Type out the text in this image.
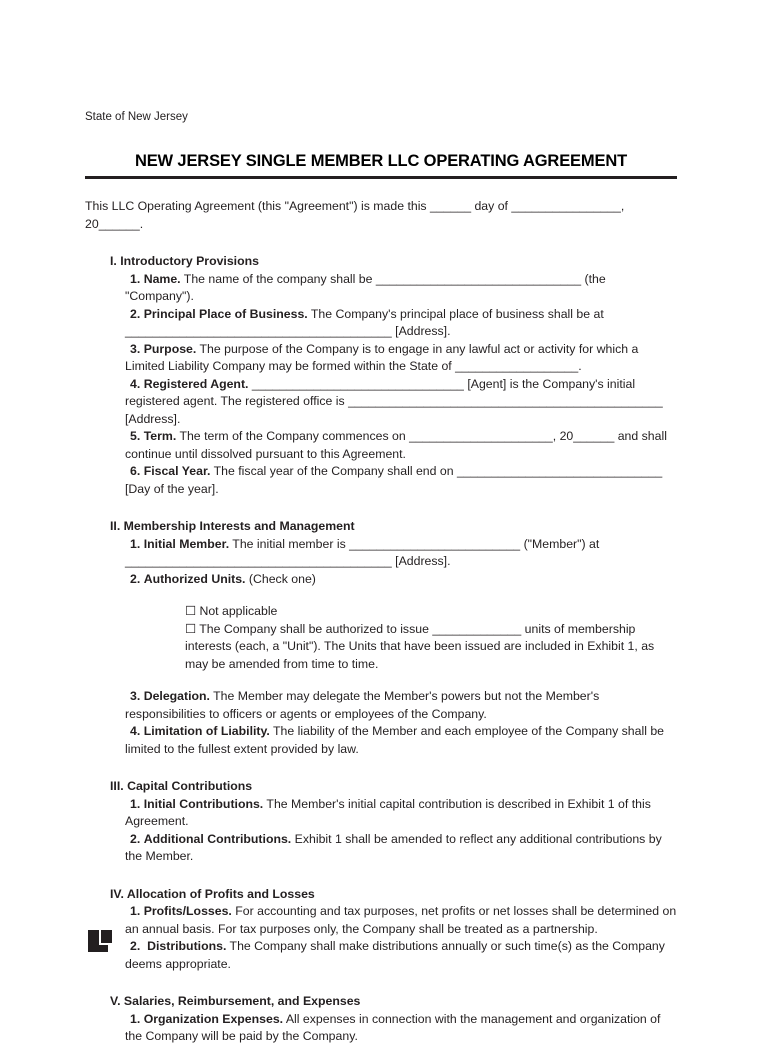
State of New Jersey
NEW JERSEY SINGLE MEMBER LLC OPERATING AGREEMENT
This LLC Operating Agreement (this "Agreement") is made this ______ day of ________________,
20______.
I. Introductory Provisions
1. Name. The name of the company shall be ______________________________ (the "Company").
2. Principal Place of Business. The Company's principal place of business shall be at
_______________________________________ [Address].
3. Purpose. The purpose of the Company is to engage in any lawful act or activity for which a Limited Liability Company may be formed within the State of __________________.
4. Registered Agent. _______________________________ [Agent] is the Company's initial registered agent. The registered office is ______________________________________________ [Address].
5. Term. The term of the Company commences on _____________________, 20______ and shall continue until dissolved pursuant to this Agreement.
6. Fiscal Year. The fiscal year of the Company shall end on ______________________________ [Day of the year].
II. Membership Interests and Management
1. Initial Member. The initial member is _________________________ ("Member") at
_______________________________________ [Address].
2. Authorized Units. (Check one)
☐ Not applicable
☐ The Company shall be authorized to issue _____________ units of membership interests (each, a "Unit"). The Units that have been issued are included in Exhibit 1, as may be amended from time to time.
3. Delegation. The Member may delegate the Member's powers but not the Member's responsibilities to officers or agents or employees of the Company.
4. Limitation of Liability. The liability of the Member and each employee of the Company shall be limited to the fullest extent provided by law.
III. Capital Contributions
1. Initial Contributions. The Member's initial capital contribution is described in Exhibit 1 of this Agreement.
2. Additional Contributions. Exhibit 1 shall be amended to reflect any additional contributions by the Member.
IV. Allocation of Profits and Losses
1. Profits/Losses. For accounting and tax purposes, net profits or net losses shall be determined on an annual basis. For tax purposes only, the Company shall be treated as a partnership.
2.  Distributions. The Company shall make distributions annually or such time(s) as the Company deems appropriate.
V. Salaries, Reimbursement, and Expenses
1. Organization Expenses. All expenses in connection with the management and organization of the Company will be paid by the Company.
